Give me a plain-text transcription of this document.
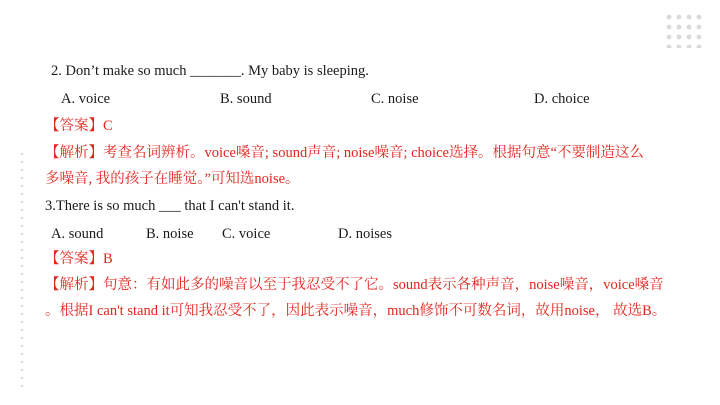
2. Don’t make so much _______. My baby is sleeping.
A. voice	B. sound	C. noise	D. choice
【答案】C
【解析】考查名词辨析。voice嗓音; sound声音; noise噪音; choice选择。根据句意“不要制造这么
多噪音, 我的孩子在睡觉。”可知选noise。
3.There is so much ___ that I can't stand it.
A. sound	B. noise C. voice	D. noises
【答案】B
【解析】句意：有如此多的噪音以至于我忍受不了它。sound表示各种声音，noise噪音，voice嗓音
。根据I can't stand it可知我忍受不了，因此表示噪音，much修饰不可数名词，故用noise， 故选B。
